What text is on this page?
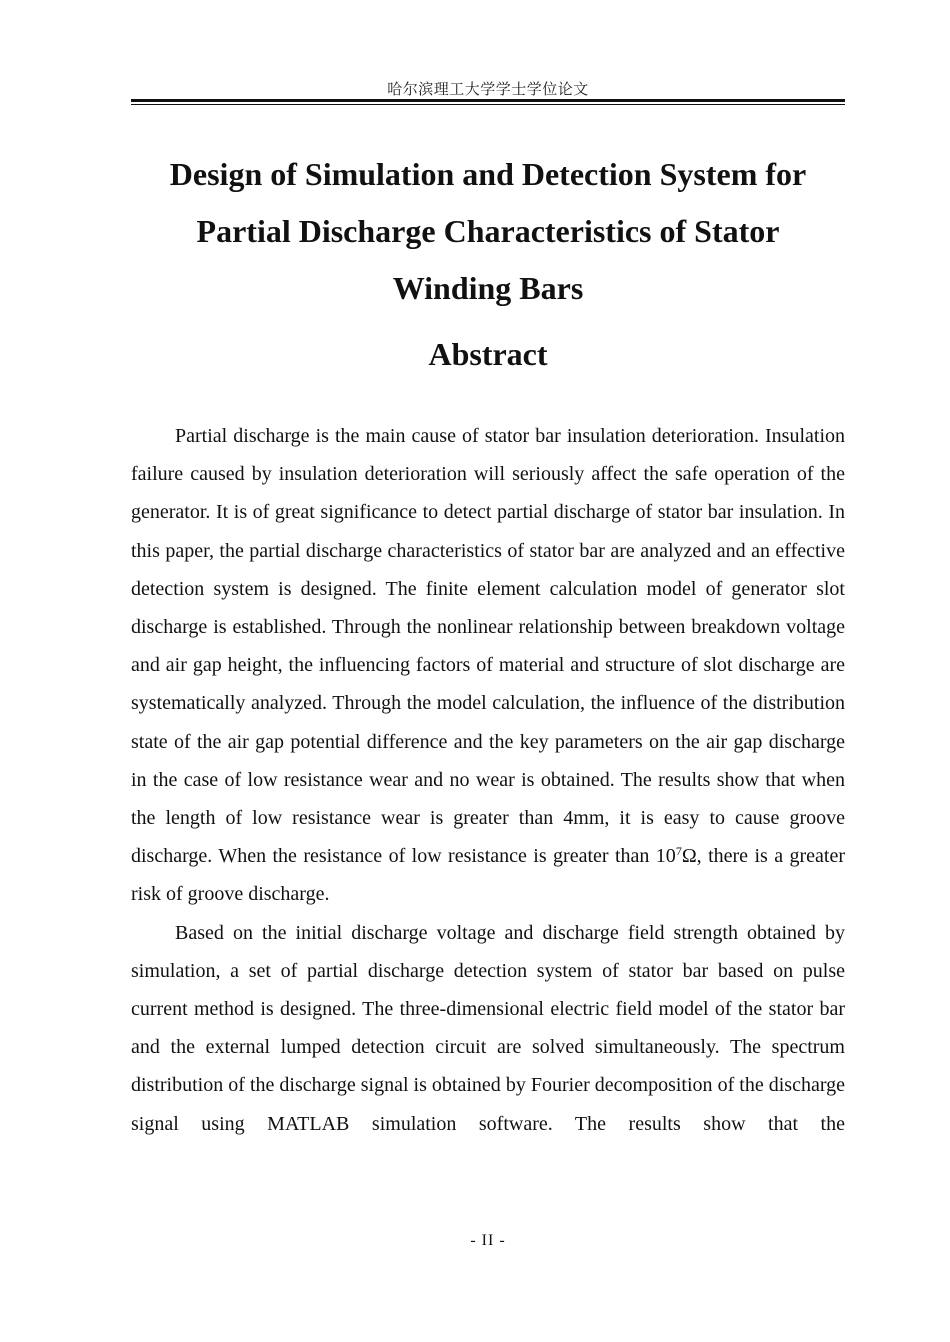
哈尔滨理工大学学士学位论文
Design of Simulation and Detection System for
Partial Discharge Characteristics of Stator
Winding Bars
Abstract

Partial discharge is the main cause of stator bar insulation deterioration. Insulation failure caused by insulation deterioration will seriously affect the safe operation of the generator. It is of great significance to detect partial discharge of stator bar insulation. In this paper, the partial discharge characteristics of stator bar are analyzed and an effective detection system is designed. The finite element calculation model of generator slot discharge is established. Through the nonlinear relationship between breakdown voltage and air gap height, the influencing factors of material and structure of slot discharge are systematically analyzed. Through the model calculation, the influence of the distribution state of the air gap potential difference and the key parameters on the air gap discharge in the case of low resistance wear and no wear is obtained. The results show that when the length of low resistance wear is greater than 4mm, it is easy to cause groove discharge. When the resistance of low resistance is greater than $10^7\Omega$, there is a greater risk of groove discharge.

Based on the initial discharge voltage and discharge field strength obtained by simulation, a set of partial discharge detection system of stator bar based on pulse current method is designed. The three-dimensional electric field model of the stator bar and the external lumped detection circuit are solved simultaneously. The spectrum distribution of the discharge signal is obtained by Fourier decomposition of the discharge signal using MATLAB simulation software. The results show that the

- II -
